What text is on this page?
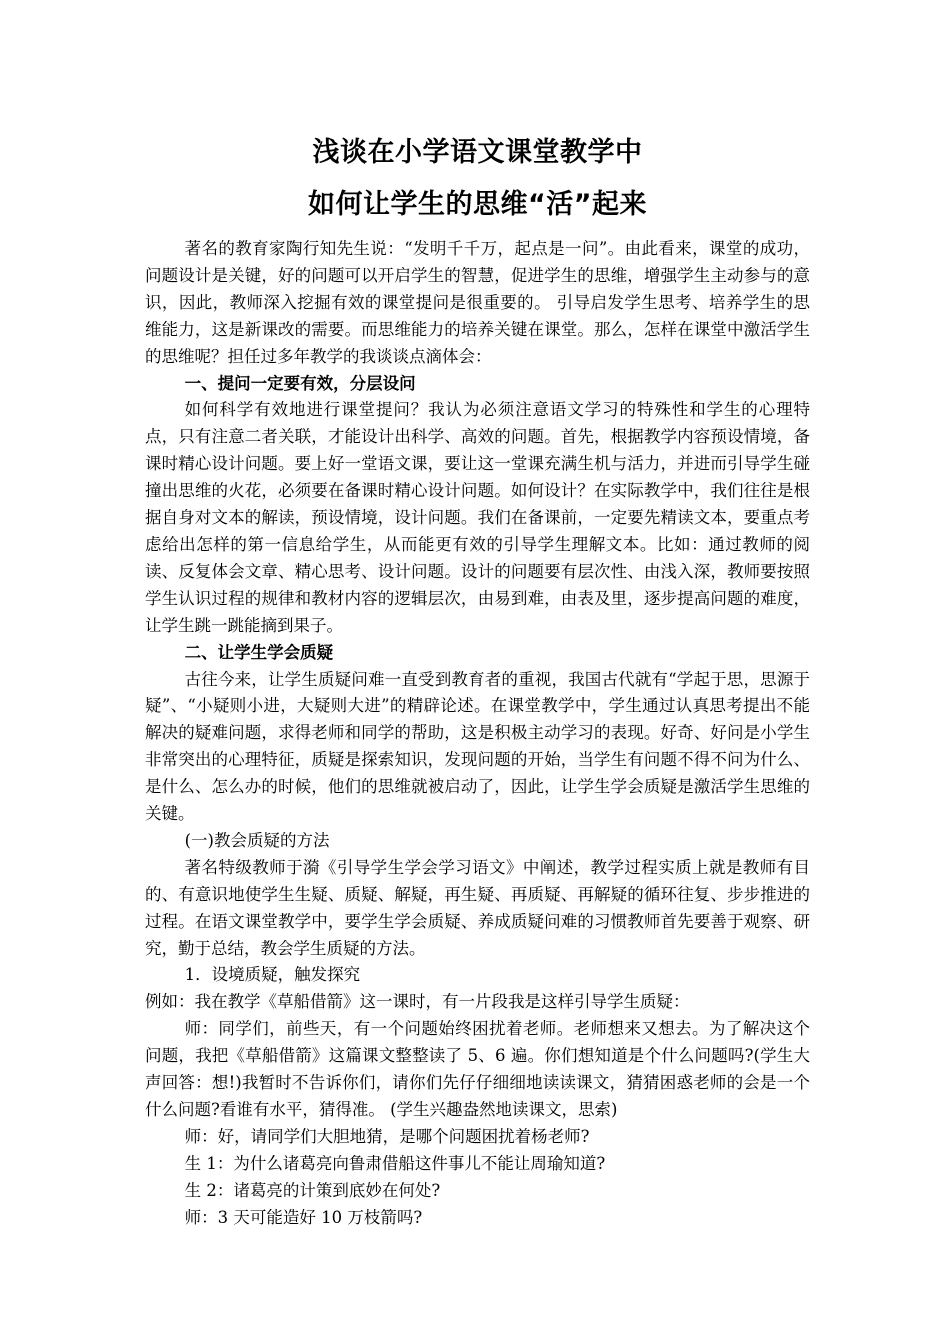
浅谈在小学语文课堂教学中
如何让学生的思维“活”起来

著名的教育家陶行知先生说：“发明千千万，起点是一问”。由此看来，课堂的成功，问题设计是关键，好的问题可以开启学生的智慧，促进学生的思维，增强学生主动参与的意识，因此，教师深入挖掘有效的课堂提问是很重要的。 引导启发学生思考、培养学生的思维能力，这是新课改的需要。而思维能力的培养关键在课堂。那么，怎样在课堂中激活学生的思维呢？担任过多年教学的我谈谈点滴体会：

一、提问一定要有效，分层设问

如何科学有效地进行课堂提问？我认为必须注意语文学习的特殊性和学生的心理特点，只有注意二者关联，才能设计出科学、高效的问题。首先，根据教学内容预设情境，备课时精心设计问题。要上好一堂语文课，要让这一堂课充满生机与活力，并进而引导学生碰撞出思维的火花，必须要在备课时精心设计问题。如何设计？在实际教学中，我们往往是根据自身对文本的解读，预设情境，设计问题。我们在备课前，一定要先精读文本，要重点考虑给出怎样的第一信息给学生，从而能更有效的引导学生理解文本。比如：通过教师的阅读、反复体会文章、精心思考、设计问题。设计的问题要有层次性、由浅入深，教师要按照学生认识过程的规律和教材内容的逻辑层次，由易到难，由表及里，逐步提高问题的难度，让学生跳一跳能摘到果子。

二、让学生学会质疑

古往今来，让学生质疑问难一直受到教育者的重视，我国古代就有“学起于思，思源于疑”、“小疑则小进，大疑则大进”的精辟论述。在课堂教学中，学生通过认真思考提出不能解决的疑难问题，求得老师和同学的帮助，这是积极主动学习的表现。好奇、好问是小学生非常突出的心理特征，质疑是探索知识，发现问题的开始，当学生有问题不得不问为什么、是什么、怎么办的时候，他们的思维就被启动了，因此，让学生学会质疑是激活学生思维的关键。

(一)教会质疑的方法

著名特级教师于漪《引导学生学会学习语文》中阐述，教学过程实质上就是教师有目的、有意识地使学生生疑、质疑、解疑，再生疑、再质疑、再解疑的循环往复、步步推进的过程。在语文课堂教学中，要学生学会质疑、养成质疑问难的习惯教师首先要善于观察、研究，勤于总结，教会学生质疑的方法。

1．设境质疑，触发探究

例如：我在教学《草船借箭》这一课时，有一片段我是这样引导学生质疑：

师：同学们，前些天，有一个问题始终困扰着老师。老师想来又想去。为了解决这个问题，我把《草船借箭》这篇课文整整读了 5、6 遍。你们想知道是个什么问题吗?(学生大声回答：想!)我暂时不告诉你们，请你们先仔仔细细地读读课文，猜猜困惑老师的会是一个什么问题?看谁有水平，猜得准。 (学生兴趣盎然地读课文，思索)

师：好，请同学们大胆地猜，是哪个问题困扰着杨老师?

生 1：为什么诸葛亮向鲁肃借船这件事儿不能让周瑜知道?

生 2：诸葛亮的计策到底妙在何处?

师：3 天可能造好 10 万枝箭吗?
